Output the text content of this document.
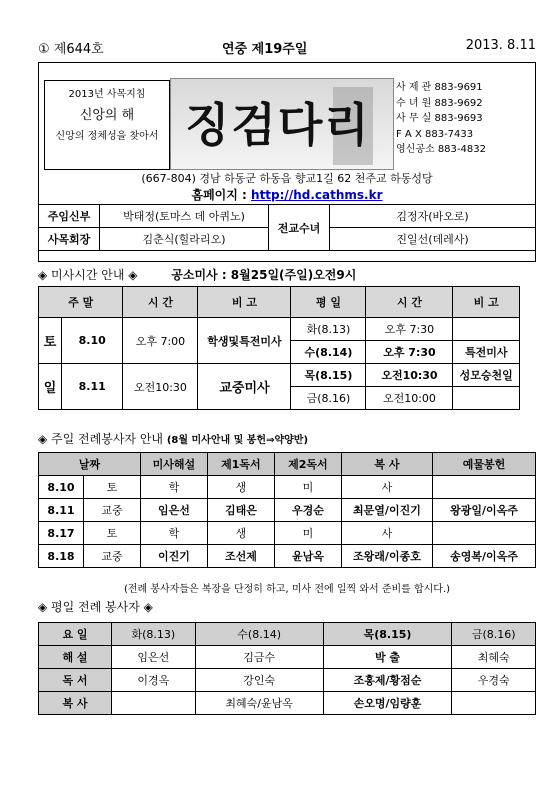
① 제644호	연중 제19주일	2013. 8.11
2013년 사목지침
신앙의 해
신앙의 정체성을 찾아서 징검다리
사 제 관 883-9691
수 녀 원 883-9692
사 무 실 883-9693
F A X 883-7433
영신공소 883-4832
(667-804) 경남 하동군 하동읍 향교1길 62 천주교 하동성당
홈페이지 : http://hd.cathms.kr
주임신부	박태정(토마스 데 아퀴노)	전교수녀	김정자(바오로)
사목회장	김춘식(힐라리오)		진일선(데레사)
◈ 미사시간 안내 ◈	공소미사 : 8월25일(주일)오전9시
주 말		시 간	비 고	평 일	시 간	비 고
토	8.10	오후 7:00	학생및특전미사	화(8.13)	오후 7:30	
				수(8.14)	오후 7:30	특전미사
일	8.11	오전10:30	교중미사	목(8.15)	오전10:30	성모승천일
				금(8.16)	오전10:00	
◈ 주일 전례봉사자 안내 (8월 미사안내 및 봉헌⇒약양반)
날짜		미사해설	제1독서	제2독서	복 사	예물봉헌
8.10	토	학	생	미	사	
8.11	교중	임은선	김태은	우경순	최문열/이진기	왕광일/이옥주
8.17	토	학	생	미	사	
8.18	교중	이진기	조선제	윤남옥	조왕래/이종호	송영복/이옥주
(전례 봉사자들은 복장을 단정히 하고, 미사 전에 일찍 와서 준비를 합시다.)
◈ 평일 전례 봉사자 ◈
요 일	화(8.13)	수(8.14)	목(8.15)	금(8.16)
해 설	임은선	김금수	박 출	최혜숙
독 서	이경옥	강인숙	조홍제/황점순	우경숙
복 사		최혜숙/윤남옥	손오명/임량훈	
